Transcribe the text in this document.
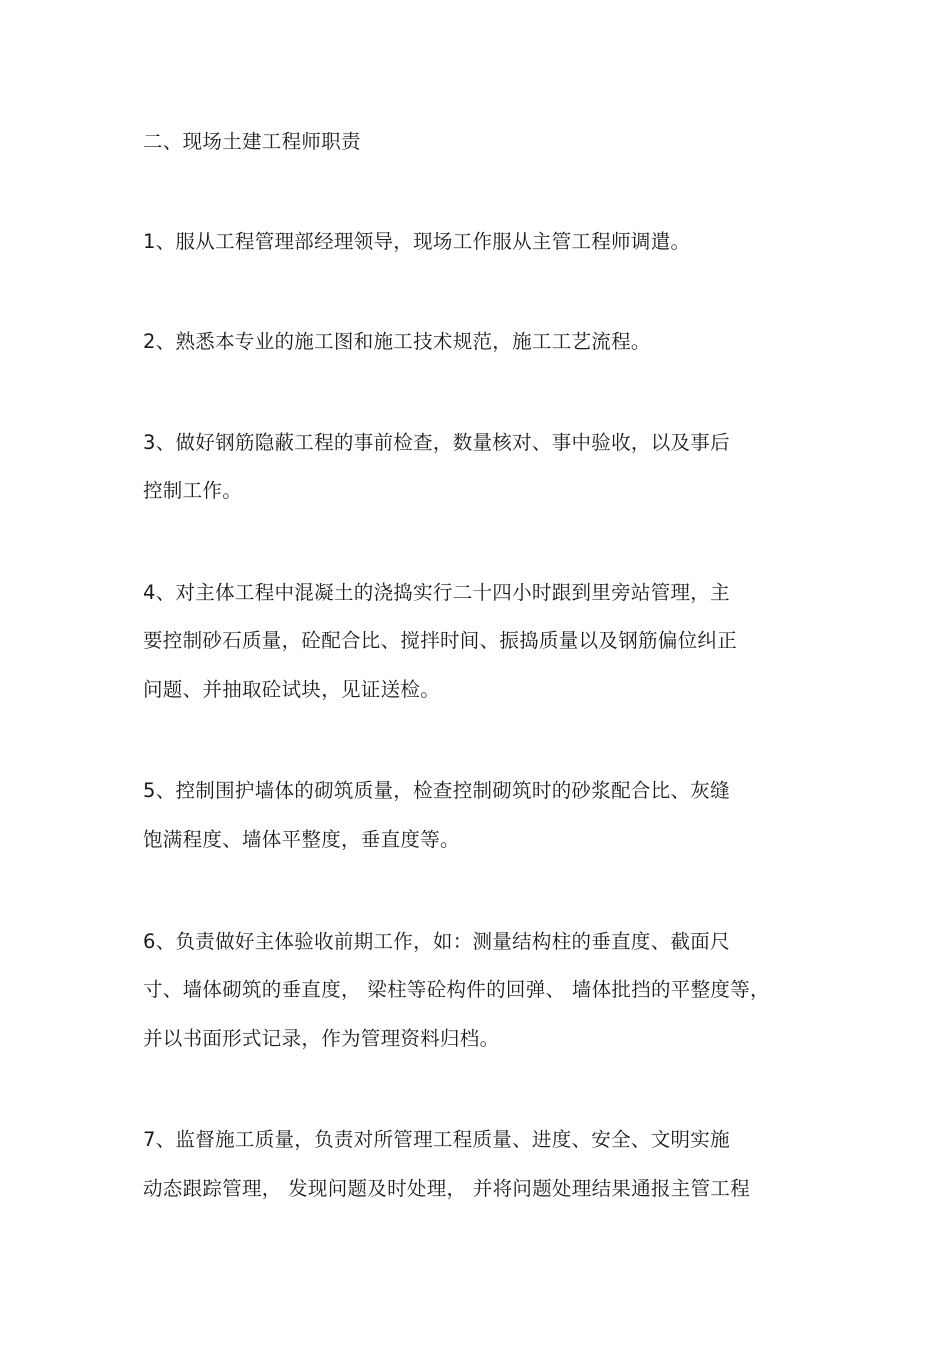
二、现场土建工程师职责
1、服从工程管理部经理领导，现场工作服从主管工程师调遣。
2、熟悉本专业的施工图和施工技术规范，施工工艺流程。
3、做好钢筋隐蔽工程的事前检查，数量核对、事中验收，以及事后
控制工作。
4、对主体工程中混凝土的浇捣实行二十四小时跟到里旁站管理，主
要控制砂石质量，砼配合比、搅拌时间、振捣质量以及钢筋偏位纠正
问题、并抽取砼试块，见证送检。
5、控制围护墙体的砌筑质量，检查控制砌筑时的砂浆配合比、灰缝
饱满程度、墙体平整度，垂直度等。
6、负责做好主体验收前期工作，如：测量结构柱的垂直度、截面尺
寸、墙体砌筑的垂直度， 梁柱等砼构件的回弹、 墙体批挡的平整度等，
并以书面形式记录，作为管理资料归档。
7、监督施工质量，负责对所管理工程质量、进度、安全、文明实施
动态跟踪管理， 发现问题及时处理， 并将问题处理结果通报主管工程
